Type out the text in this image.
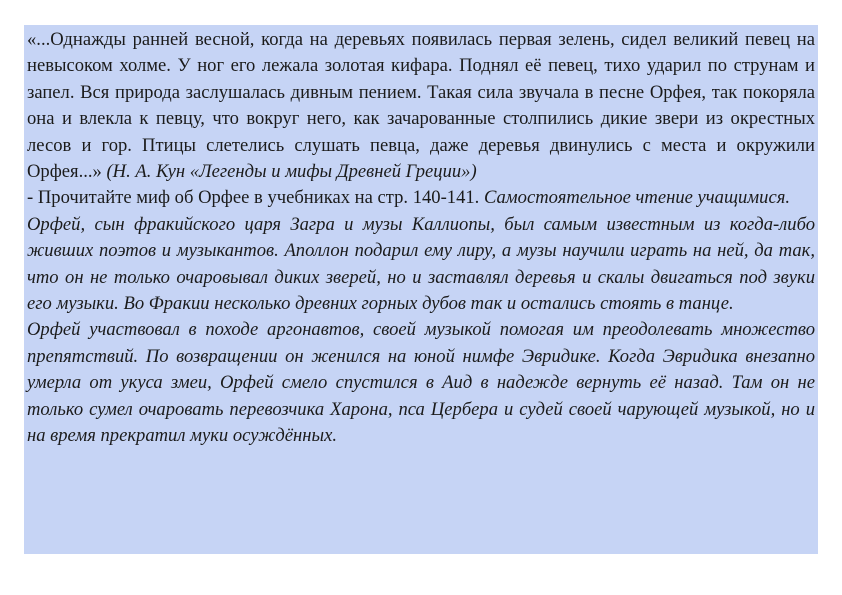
«...Однажды ранней весной, когда на деревьях появилась первая зелень, сидел великий певец на невысоком холме. У ног его лежала золотая кифара. Поднял её певец, тихо ударил по струнам и запел. Вся природа заслушалась дивным пением. Такая сила звучала в песне Орфея, так покоряла она и влекла к певцу, что вокруг него, как зачарованные столпились дикие звери из окрестных лесов и гор. Птицы слетелись слушать певца, даже деревья двинулись с места и окружили Орфея...» (Н. А. Кун «Легенды и мифы Древней Греции»)

- Прочитайте миф об Орфее в учебниках на стр. 140-141. Самостоятельное чтение учащимися.

Орфей, сын фракийского царя Загра и музы Каллиопы, был самым известным из когда-либо живших поэтов и музыкантов. Аполлон подарил ему лиру, а музы научили играть на ней, да так, что он не только очаровывал диких зверей, но и заставлял деревья и скалы двигаться под звуки его музыки. Во Фракии несколько древних горных дубов так и остались стоять в танце.

Орфей участвовал в походе аргонавтов, своей музыкой помогая им преодолевать множество препятствий. По возвращении он женился на юной нимфе Эвридике. Когда Эвридика внезапно умерла от укуса змеи, Орфей смело спустился в Аид в надежде вернуть её назад. Там он не только сумел очаровать перевозчика Харона, пса Цербера и судей своей чарующей музыкой, но и на время прекратил муки осуждённых.
